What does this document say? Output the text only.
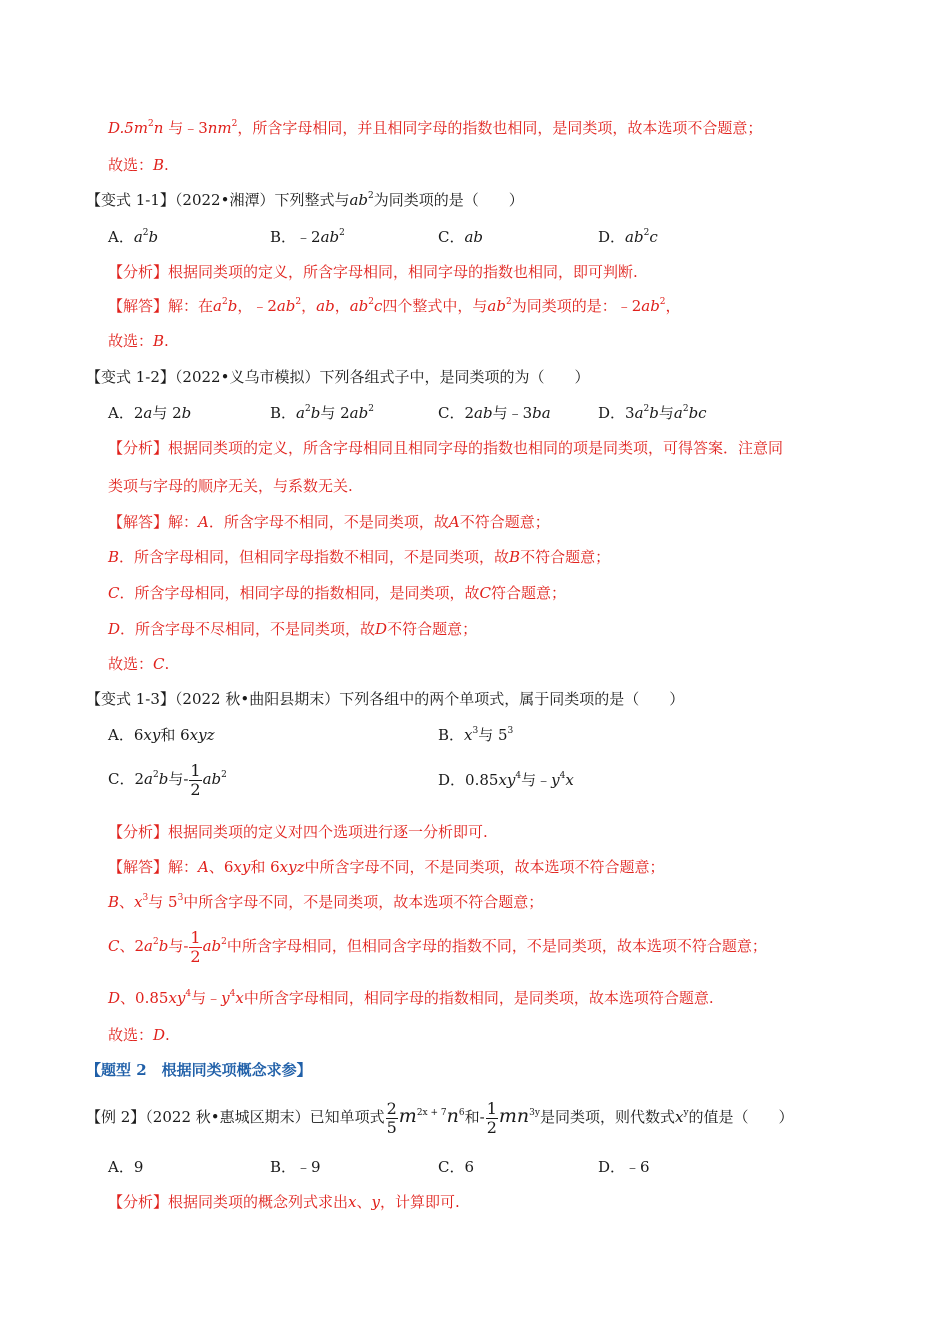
$D.5m^2n$ 与$﹣3nm^2$，所含字母相同，并且相同字母的指数也相同，是同类项，故本选项不合题意；
故选：B.
【变式 1-1】（2022•湘潭）下列整式与$ab^2$为同类项的是（　　）
A．$a^2b$	B．$﹣2ab^2$	C．ab	D．$ab^2c$
【分析】根据同类项的定义，所含字母相同，相同字母的指数也相同，即可判断.
【解答】解：在$a^2b$，$﹣2ab^2$，ab，$ab^2c$四个整式中，与$ab^2$为同类项的是：$﹣2ab^2$，
故选：B.
【变式 1-2】（2022•义乌市模拟）下列各组式子中，是同类项的为（　　）
A．2a与 2b	B．$a^2b$与 $2ab^2$	C．2ab与﹣3ba	D．$3a^2b$与$a^2bc$
【分析】根据同类项的定义，所含字母相同且相同字母的指数也相同的项是同类项，可得答案．注意同
类项与字母的顺序无关，与系数无关.
【解答】解：A．所含字母不相同，不是同类项，故A不符合题意；
B．所含字母相同，但相同字母指数不相同，不是同类项，故B不符合题意；
C．所含字母相同，相同字母的指数相同，是同类项，故C符合题意；
D．所含字母不尽相同，不是同类项，故D不符合题意；
故选：C.
【变式 1-3】（2022 秋•曲阳县期末）下列各组中的两个单项式，属于同类项的是（　　）
A．6xy和 6xyz	B．$x^3$与 $5^3$
C．$2a^2b$与- $\frac{1}{2} ab^2$	D．$0.85xy^4$与$﹣y^4x$
【分析】根据同类项的定义对四个选项进行逐一分析即可.
【解答】解：A、6xy和 6xyz中所含字母不同，不是同类项，故本选项不符合题意；
B、$x^3$与 $5^3$中所含字母不同，不是同类项，故本选项不符合题意；
C、$2a^2b$与- $\frac{1}{2} ab^2$中所含字母相同，但相同含字母的指数不同，不是同类项，故本选项不符合题意；
D、$0.85xy^4$与$﹣y^4x$中所含字母相同，相同字母的指数相同，是同类项，故本选项符合题意.
故选：D.
【题型 2　根据同类项概念求参】
【例 2】（2022 秋•惠城区期末）已知单项式 $\frac{2}{5} m^{2x + 7}n^6$和- $\frac{1}{2} mn^{3y}$是同类项，则代数式$x^y$的值是（　　）
A．9	B．﹣9	C．6	D．﹣6
【分析】根据同类项的概念列式求出x、y，计算即可.
